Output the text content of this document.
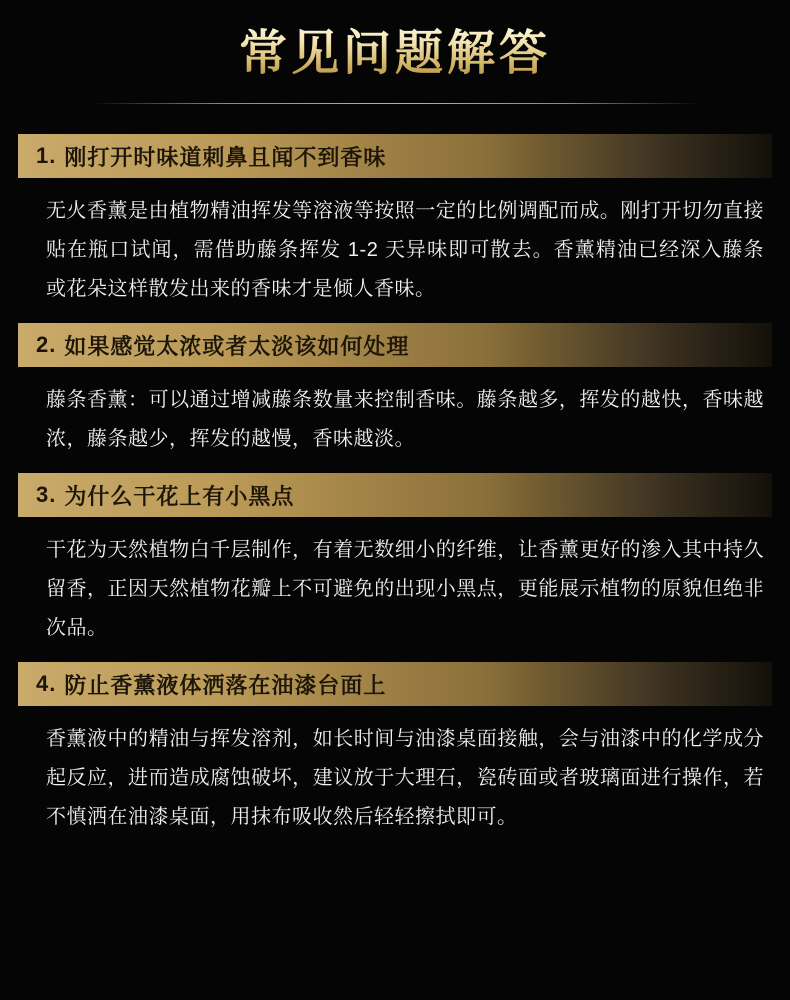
常见问题解答
1. 刚打开时味道刺鼻且闻不到香味

无火香薰是由植物精油挥发等溶液等按照一定的比例调配而成。刚打开切勿直接贴在瓶口试闻，需借助藤条挥发 1-2 天异味即可散去。香薰精油已经深入藤条或花朵这样散发出来的香味才是倾人香味。

2. 如果感觉太浓或者太淡该如何处理

藤条香薰：可以通过增减藤条数量来控制香味。藤条越多，挥发的越快，香味越浓，藤条越少，挥发的越慢，香味越淡。

3. 为什么干花上有小黑点

干花为天然植物白千层制作，有着无数细小的纤维，让香薰更好的渗入其中持久留香，正因天然植物花瓣上不可避免的出现小黑点，更能展示植物的原貌但绝非次品。

4. 防止香薰液体洒落在油漆台面上

香薰液中的精油与挥发溶剂，如长时间与油漆桌面接触，会与油漆中的化学成分起反应，进而造成腐蚀破坏，建议放于大理石，瓷砖面或者玻璃面进行操作，若不慎洒在油漆桌面，用抹布吸收然后轻轻擦拭即可。
